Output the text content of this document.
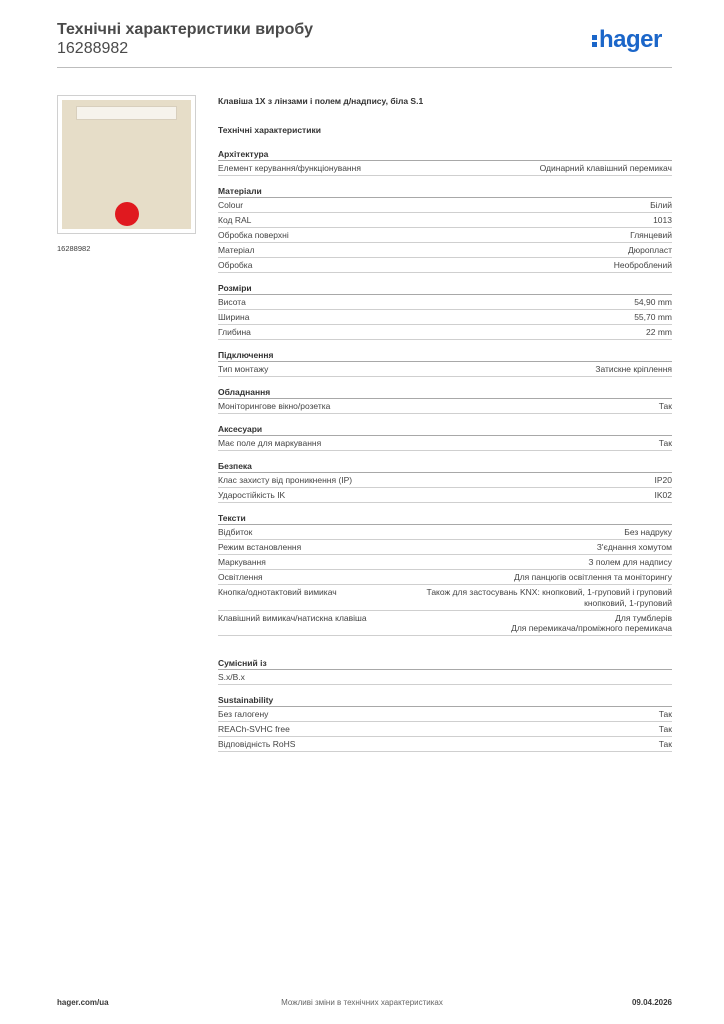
Технічні характеристики виробу
16288982	hager
16288982
Клавіша 1Х з лінзами і полем д/надпису, біла S.1
Технічні характеристики
Архітектура
Елемент керування/функціонування	Одинарний клавішний перемикач
Матеріали
Colour	Білий
Код RAL	1013
Обробка поверхні	Глянцевий
Матеріал	Дюропласт
Обробка	Необроблений
Розміри
Висота	54,90 mm
Ширина	55,70 mm
Глибина	22 mm
Підключення
Тип монтажу	Затискне кріплення
Обладнання
Моніторингове вікно/розетка	Так
Аксесуари
Має поле для маркування	Так
Безпека
Клас захисту від проникнення (IP)	IP20
Ударостійкість IK	IK02
Тексти
Відбиток	Без надруку
Режим встановлення	З'єднання хомутом
Маркування	З полем для надпису
Освітлення	Для панцюгів освітлення та моніторингу
Кнопка/однотактовий вимикач	Також для застосувань KNX: кнопковий, 1-груповий і груповий
кнопковий, 1-груповий
Клавішний вимикач/натискна клавіша	Для тумблерів
Для перемикача/проміжного перемикача
Сумісний із
S.x/B.x
Sustainability
Без галогену	Так
REACh-SVHC free	Так
Відповідність RoHS	Так
hager.com/ua	Можливі зміни в технічних характеристиках	09.04.2026
